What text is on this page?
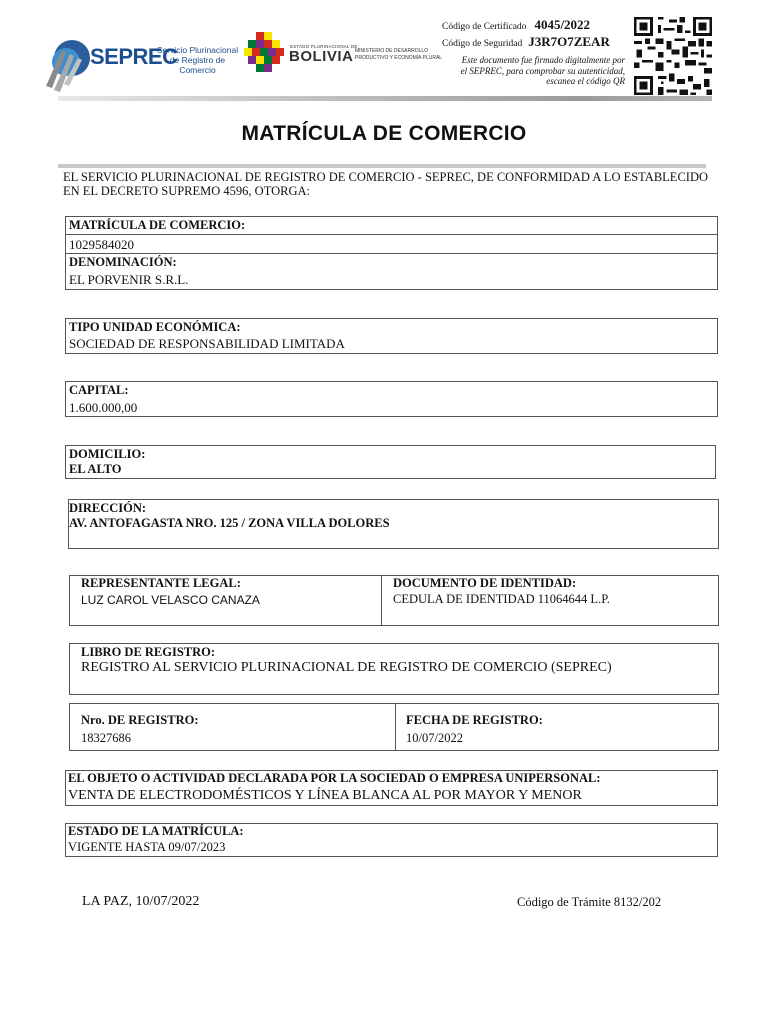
SEPREC
Servicio Plurinacional de Registro de Comercio
ESTADO PLURINACIONAL DE
BOLIVIA MINISTERIO DE DESARROLLO PRODUCTIVO Y ECONOMÍA PLURAL
Código de Certificado 4045/2022
Código de Seguridad J3R7O7ZEAR
Este documento fue firmado digitalmente por el SEPREC, para comprobar su autenticidad, escanea el código QR
MATRÍCULA DE COMERCIO
EL SERVICIO PLURINACIONAL DE REGISTRO DE COMERCIO - SEPREC, DE CONFORMIDAD A LO ESTABLECIDO EN EL DECRETO SUPREMO 4596, OTORGA:
MATRÍCULA DE COMERCIO:
1029584020
DENOMINACIÓN:
EL PORVENIR S.R.L.
TIPO UNIDAD ECONÓMICA:
SOCIEDAD DE RESPONSABILIDAD LIMITADA
CAPITAL:
1.600.000,00
DOMICILIO:
EL ALTO
DIRECCIÓN:
AV. ANTOFAGASTA NRO. 125 / ZONA VILLA DOLORES
REPRESENTANTE LEGAL:
LUZ CAROL VELASCO CANAZA
DOCUMENTO DE IDENTIDAD:
CEDULA DE IDENTIDAD 11064644 L.P.
LIBRO DE REGISTRO:
REGISTRO AL SERVICIO PLURINACIONAL DE REGISTRO DE COMERCIO (SEPREC)
Nro. DE REGISTRO:
18327686
FECHA DE REGISTRO:
10/07/2022
EL OBJETO O ACTIVIDAD DECLARADA POR LA SOCIEDAD O EMPRESA UNIPERSONAL:
VENTA DE ELECTRODOMÉSTICOS Y LÍNEA BLANCA AL POR MAYOR Y MENOR
ESTADO DE LA MATRÍCULA:
VIGENTE HASTA 09/07/2023
LA PAZ, 10/07/2022	Código de Trámite 8132/202
